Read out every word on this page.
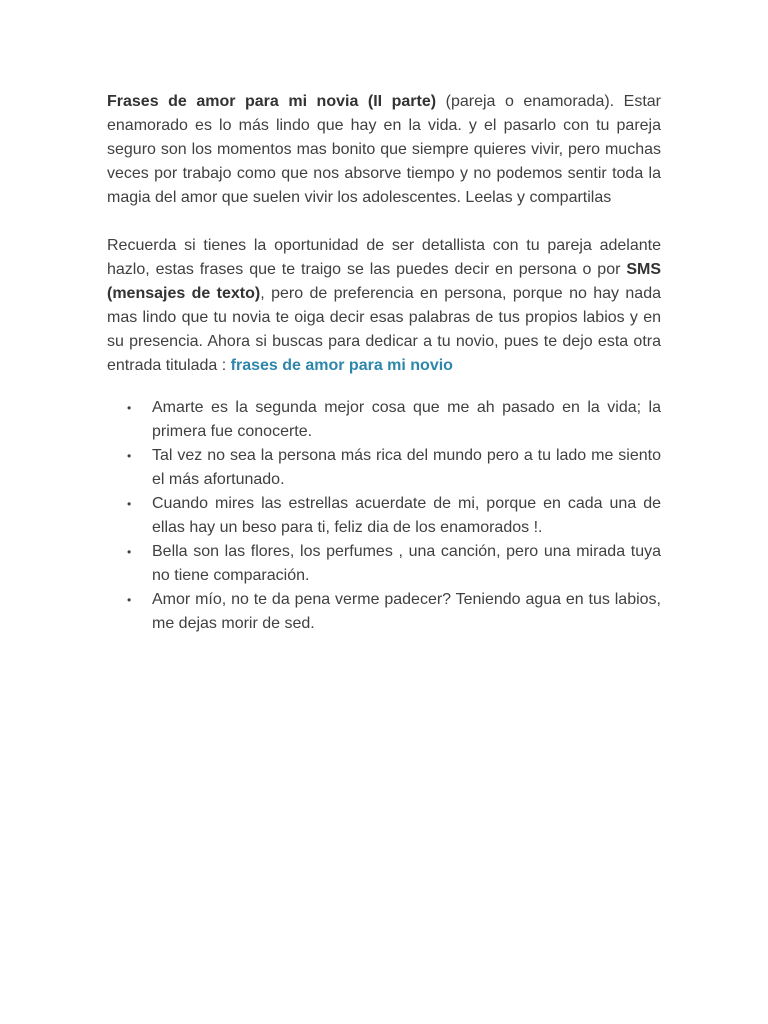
Frases de amor para mi novia (II parte) (pareja o enamorada). Estar enamorado es lo más lindo que hay en la vida. y el pasarlo con tu pareja seguro son los momentos mas bonito que siempre quieres vivir, pero muchas veces por trabajo como que nos absorve tiempo y no podemos sentir toda la magia del amor que suelen vivir los adolescentes. Leelas y compartilas

Recuerda si tienes la oportunidad de ser detallista con tu pareja adelante hazlo, estas frases que te traigo se las puedes decir en persona o por SMS (mensajes de texto), pero de preferencia en persona, porque no hay nada mas lindo que tu novia te oiga decir esas palabras de tus propios labios y en su presencia. Ahora si buscas para dedicar a tu novio, pues te dejo esta otra entrada titulada : frases de amor para mi novio

• Amarte es la segunda mejor cosa que me ah pasado en la vida; la primera fue conocerte.
• Tal vez no sea la persona más rica del mundo pero a tu lado me siento el más afortunado.
• Cuando mires las estrellas acuerdate de mi, porque en cada una de ellas hay un beso para ti, feliz dia de los enamorados !.
• Bella son las flores, los perfumes , una canción, pero una mirada tuya no tiene comparación.
• Amor mío, no te da pena verme padecer? Teniendo agua en tus labios, me dejas morir de sed.
